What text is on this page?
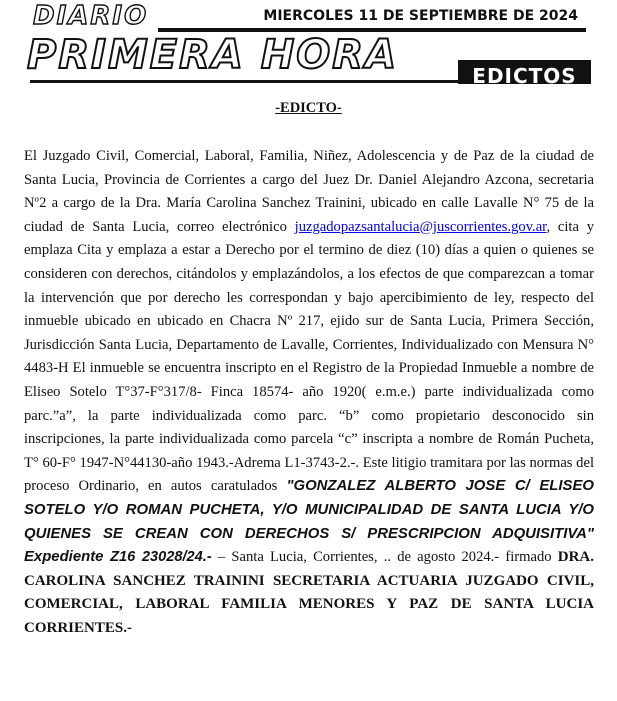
DIARIO	MIERCOLES 11 DE SEPTIEMBRE DE 2024
PRIMERA HORA	EDICTOS
-EDICTO-
El Juzgado Civil, Comercial, Laboral, Familia, Niñez, Adolescencia y de Paz de la ciudad de Santa Lucia, Provincia de Corrientes a cargo del Juez Dr. Daniel Alejandro Azcona, secretaria Nº2 a cargo de la Dra. María Carolina Sanchez Trainini, ubicado en calle Lavalle N° 75 de la ciudad de Santa Lucia, correo electrónico juzgadopazsantalucia@juscorrientes.gov.ar, cita y emplaza Cita y emplaza a estar a Derecho por el termino de diez (10) días a quien o quienes se consideren con derechos, citándolos y emplazándolos, a los efectos de que comparezcan a tomar la intervención que por derecho les correspondan y bajo apercibimiento de ley, respecto del inmueble ubicado en ubicado en Chacra Nº 217, ejido sur de Santa Lucia, Primera Sección, Jurisdicción Santa Lucia, Departamento de Lavalle, Corrientes, Individualizado con Mensura N° 4483-H El inmueble se encuentra inscripto en el Registro de la Propiedad Inmueble a nombre de Eliseo Sotelo T°37-F°317/8- Finca 18574- año 1920( e.m.e.) parte individualizada como parc.”a”, la parte individualizada como parc. “b” como propietario desconocido sin inscripciones, la parte individualizada como parcela “c” inscripta a nombre de Román Pucheta, T° 60-F° 1947-N°44130-año 1943.-Adrema L1-3743-2.-. Este litigio tramitara por las normas del proceso Ordinario, en autos caratulados "GONZALEZ ALBERTO JOSE C/ ELISEO SOTELO Y/O ROMAN PUCHETA, Y/O MUNICIPALIDAD DE SANTA LUCIA Y/O QUIENES SE CREAN CON DERECHOS S/ PRESCRIPCION ADQUISITIVA" Expediente Z16 23028/24.- – Santa Lucia, Corrientes, .. de agosto 2024.- firmado DRA. CAROLINA SANCHEZ TRAININI SECRETARIA ACTUARIA JUZGADO CIVIL, COMERCIAL, LABORAL FAMILIA MENORES Y PAZ DE SANTA LUCIA CORRIENTES.-
